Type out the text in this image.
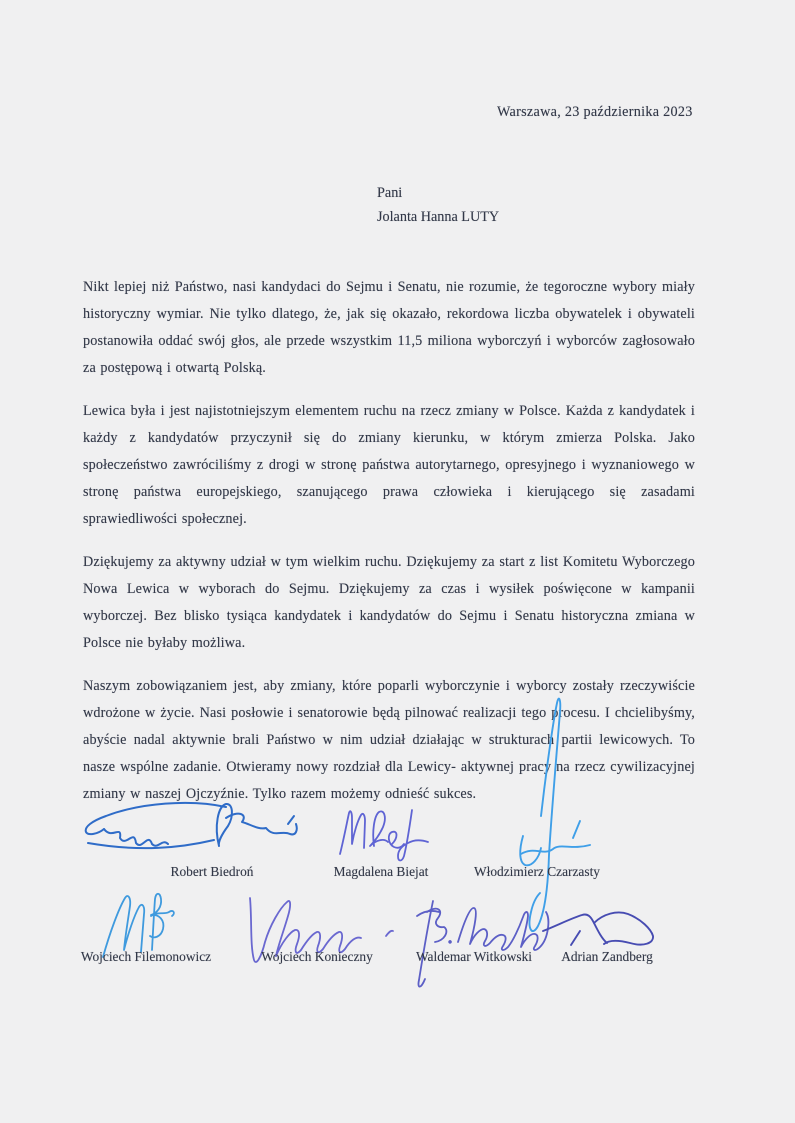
Warszawa, 23 października 2023
Pani
Jolanta Hanna LUTY

Nikt lepiej niż Państwo, nasi kandydaci do Sejmu i Senatu, nie rozumie, że tegoroczne wybory miały historyczny wymiar. Nie tylko dlatego, że, jak się okazało, rekordowa liczba obywatelek i obywateli postanowiła oddać swój głos, ale przede wszystkim 11,5 miliona wyborczyń i wyborców zagłosowało za postępową i otwartą Polską.

Lewica była i jest najistotniejszym elementem ruchu na rzecz zmiany w Polsce. Każda z kandydatek i każdy z kandydatów przyczynił się do zmiany kierunku, w którym zmierza Polska. Jako społeczeństwo zawróciliśmy z drogi w stronę państwa autorytarnego, opresyjnego i wyznaniowego w stronę państwa europejskiego, szanującego prawa człowieka i kierującego się zasadami sprawiedliwości społecznej.

Dziękujemy za aktywny udział w tym wielkim ruchu. Dziękujemy za start z list Komitetu Wyborczego Nowa Lewica w wyborach do Sejmu. Dziękujemy za czas i wysiłek poświęcone w kampanii wyborczej. Bez blisko tysiąca kandydatek i kandydatów do Sejmu i Senatu historyczna zmiana w Polsce nie byłaby możliwa.

Naszym zobowiązaniem jest, aby zmiany, które poparli wyborczynie i wyborcy zostały rzeczywiście wdrożone w życie. Nasi posłowie i senatorowie będą pilnować realizacji tego procesu. I chcielibyśmy, abyście nadal aktywnie brali Państwo w nim udział działając w strukturach partii lewicowych. To nasze wspólne zadanie. Otwieramy nowy rozdział dla Lewicy- aktywnej pracy na rzecz cywilizacyjnej zmiany w naszej Ojczyźnie. Tylko razem możemy odnieść sukces.

Robert Biedroń	Magdalena Biejat	Włodzimierz Czarzasty
Wojciech Filemonowicz	Wojciech Konieczny	Waldemar Witkowski	Adrian Zandberg
